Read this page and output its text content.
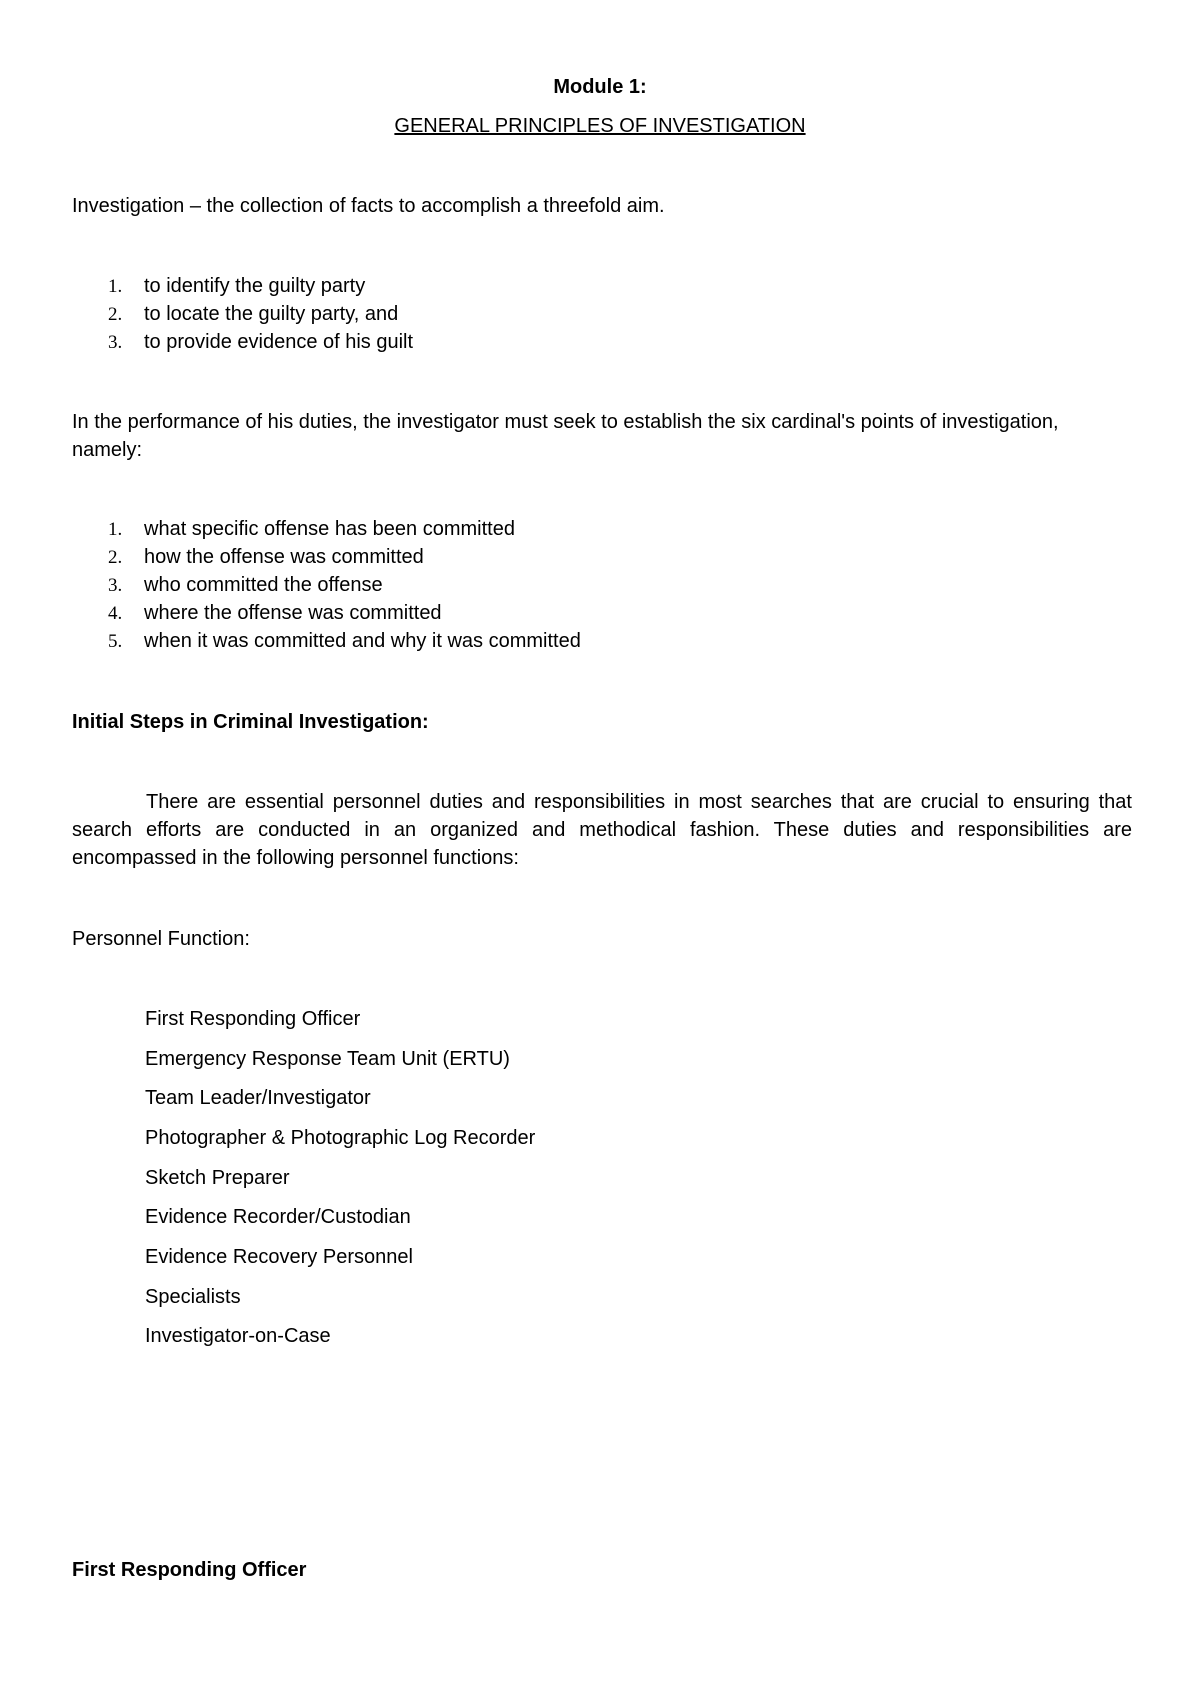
Module 1:
GENERAL PRINCIPLES OF INVESTIGATION
Investigation – the collection of facts to accomplish a threefold aim.
1. to identify the guilty party
2. to locate the guilty party, and
3. to provide evidence of his guilt
In the performance of his duties, the investigator must seek to establish the six cardinal's points of investigation, namely:
1. what specific offense has been committed
2. how the offense was committed
3. who committed the offense
4. where the offense was committed
5. when it was committed and why it was committed
Initial Steps in Criminal Investigation:
There are essential personnel duties and responsibilities in most searches that are crucial to ensuring that search efforts are conducted in an organized and methodical fashion. These duties and responsibilities are encompassed in the following personnel functions:
Personnel Function:
First Responding Officer
Emergency Response Team Unit (ERTU)
Team Leader/Investigator
Photographer & Photographic Log Recorder
Sketch Preparer
Evidence Recorder/Custodian
Evidence Recovery Personnel
Specialists
Investigator-on-Case
First Responding Officer
